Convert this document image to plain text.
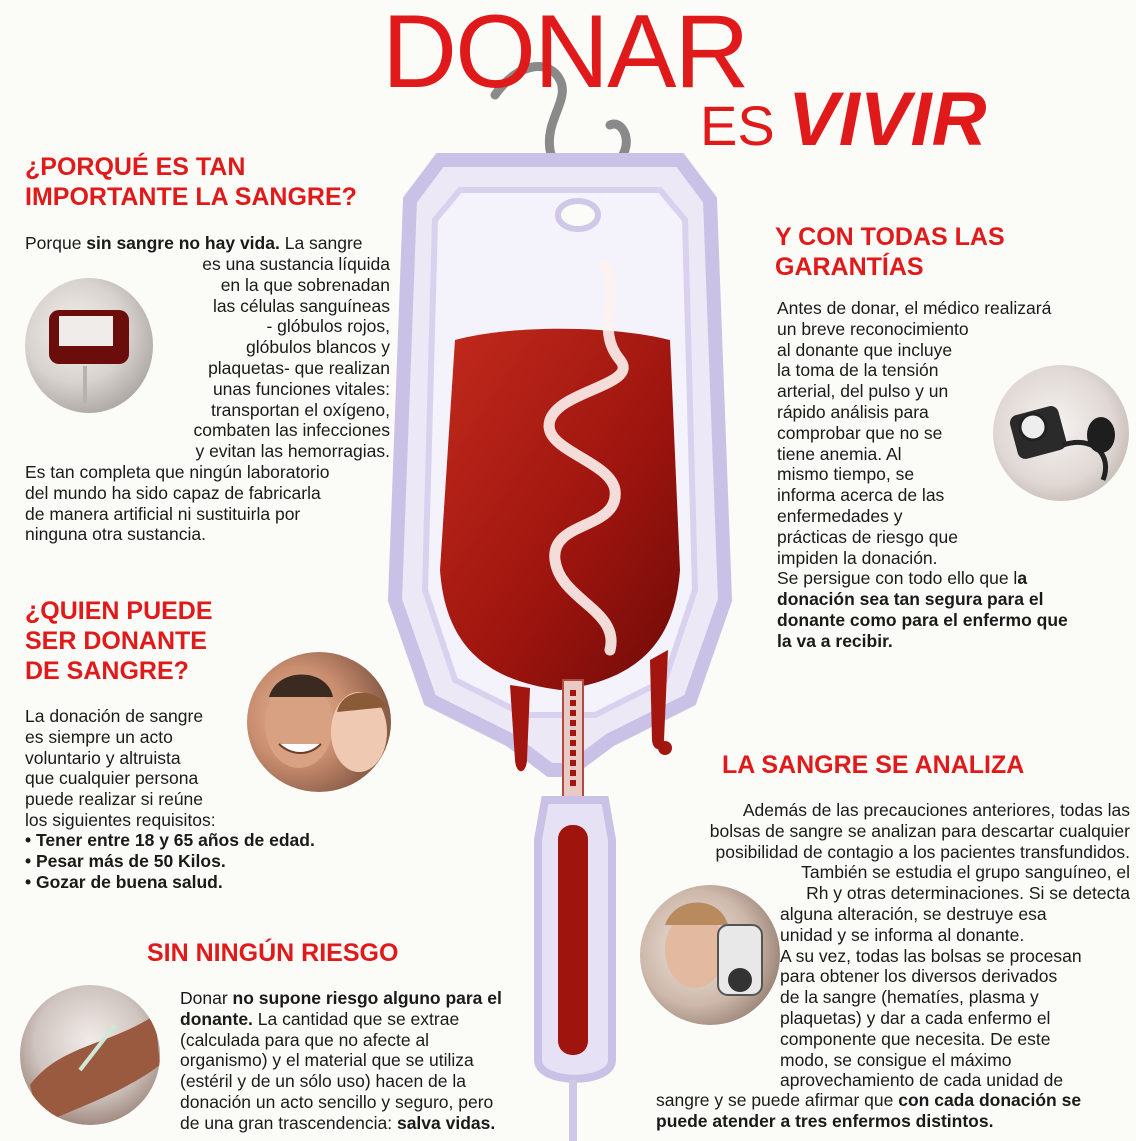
DONAR
ES VIVIR
¿PORQUÉ ES TAN
IMPORTANTE LA SANGRE?
Porque sin sangre no hay vida. La sangre
es una sustancia líquida
en la que sobrenadan
las células sanguíneas
- glóbulos rojos,
glóbulos blancos y
plaquetas- que realizan
unas funciones vitales:
transportan el oxígeno,
combaten las infecciones
y evitan las hemorragias.
Es tan completa que ningún laboratorio
del mundo ha sido capaz de fabricarla
de manera artificial ni sustituirla por
ninguna otra sustancia.
¿QUIEN PUEDE
SER DONANTE
DE SANGRE?
La donación de sangre
es siempre un acto
voluntario y altruista
que cualquier persona
puede realizar si reúne
los siguientes requisitos:
• Tener entre 18 y 65 años de edad.
• Pesar más de 50 Kilos.
• Gozar de buena salud.
SIN NINGÚN RIESGO
Donar no supone riesgo alguno para el
donante. La cantidad que se extrae
(calculada para que no afecte al
organismo) y el material que se utiliza
(estéril y de un sólo uso) hacen de la
donación un acto sencillo y seguro, pero
de una gran trascendencia: salva vidas.
Y CON TODAS LAS
GARANTÍAS
Antes de donar, el médico realizará
un breve reconocimiento
al donante que incluye
la toma de la tensión
arterial, del pulso y un
rápido análisis para
comprobar que no se
tiene anemia. Al
mismo tiempo, se
informa acerca de las
enfermedades y
prácticas de riesgo que
impiden la donación.
Se persigue con todo ello que la
donación sea tan segura para el
donante como para el enfermo que
la va a recibir.
LA SANGRE SE ANALIZA
Además de las precauciones anteriores, todas las
bolsas de sangre se analizan para descartar cualquier
posibilidad de contagio a los pacientes transfundidos.
También se estudia el grupo sanguíneo, el
Rh y otras determinaciones. Si se detecta
alguna alteración, se destruye esa
unidad y se informa al donante.
A su vez, todas las bolsas se procesan
para obtener los diversos derivados
de la sangre (hematíes, plasma y
plaquetas) y dar a cada enfermo el
componente que necesita. De este
modo, se consigue el máximo
aprovechamiento de cada unidad de
sangre y se puede afirmar que con cada donación se
puede atender a tres enfermos distintos.
